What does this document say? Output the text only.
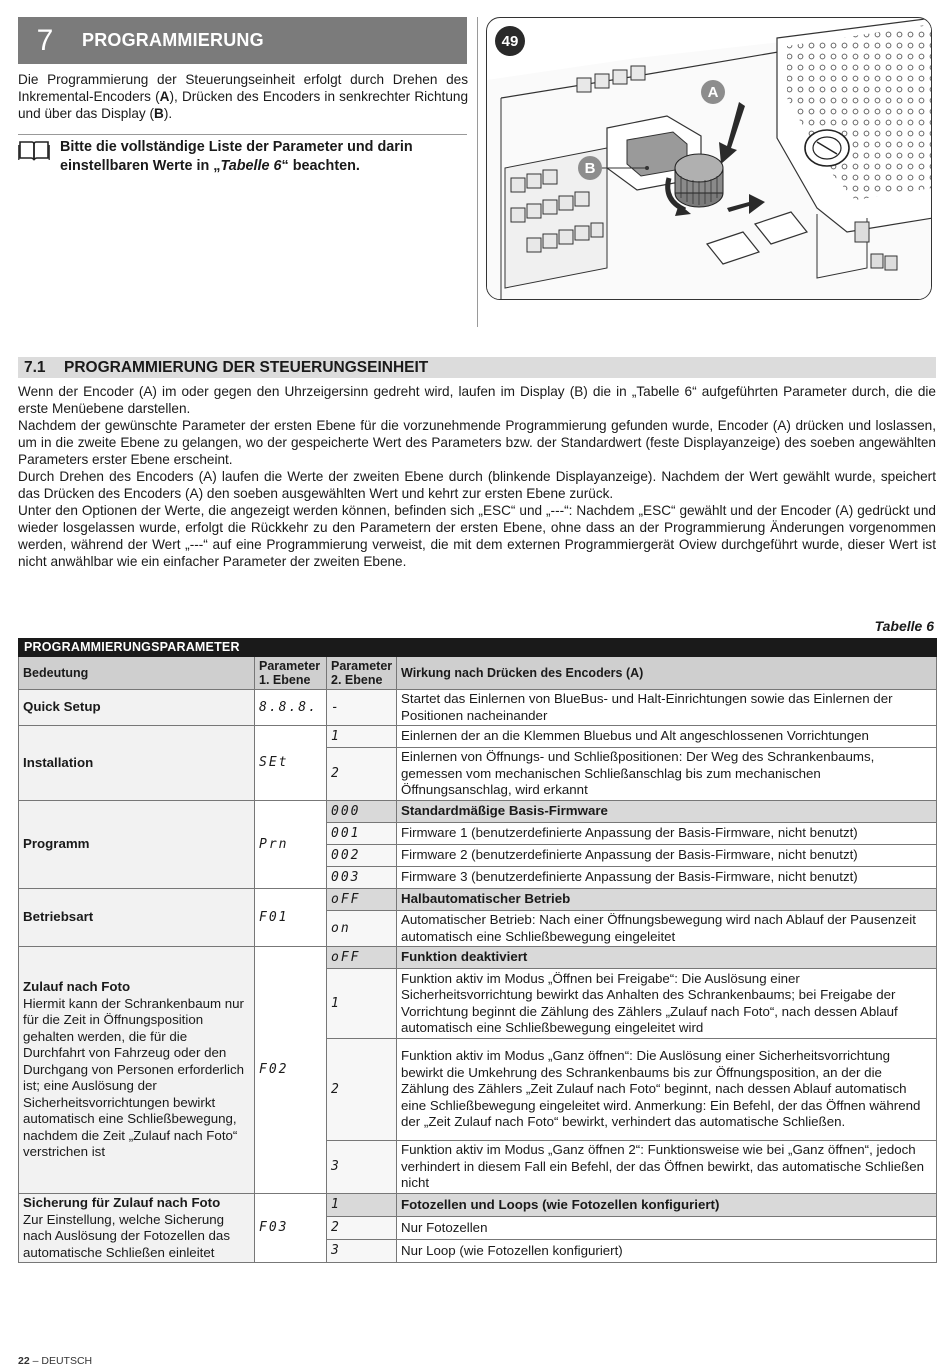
7	PROGRAMMIERUNG

Die Programmierung der Steuerungseinheit erfolgt durch Drehen des Inkremental-Encoders (A), Drücken des Encoders in senkrechter Richtung und über das Display (B).

Bitte die vollständige Liste der Parameter und darin einstellbaren Werte in „Tabelle 6“ beachten.

49
A
B
7.1	PROGRAMMIERUNG DER STEUERUNGSEINHEIT

Wenn der Encoder (A) im oder gegen den Uhrzeigersinn gedreht wird, laufen im Display (B) die in „Tabelle 6“ aufgeführten Parameter durch, die die erste Menüebene darstellen.

Nachdem der gewünschte Parameter der ersten Ebene für die vorzunehmende Programmierung gefunden wurde, Encoder (A) drücken und loslassen, um in die zweite Ebene zu gelangen, wo der gespeicherte Wert des Parameters bzw. der Standardwert (feste Displayanzeige) des soeben angewählten Parameters erster Ebene erscheint.

Durch Drehen des Encoders (A) laufen die Werte der zweiten Ebene durch (blinkende Displayanzeige). Nachdem der Wert gewählt wurde, speichert das Drücken des Encoders (A) den soeben ausgewählten Wert und kehrt zur ersten Ebene zurück.

Unter den Optionen der Werte, die angezeigt werden können, befinden sich „ESC“ und „---“: Nachdem „ESC“ gewählt und der Encoder (A) gedrückt und wieder losgelassen wurde, erfolgt die Rückkehr zu den Parametern der ersten Ebene, ohne dass an der Programmierung Änderungen vorgenommen werden, während der Wert „---“ auf eine Programmierung verweist, die mit dem externen Programmiergerät Oview durchgeführt wurde, dieser Wert ist nicht anwählbar wie ein einfacher Parameter der zweiten Ebene.

Tabelle 6
PROGRAMMIERUNGSPARAMETER			
Bedeutung	Parameter 1. Ebene	Parameter 2. Ebene	Wirkung nach Drücken des Encoders (A)
Quick Setup	8.8.8.	-	Startet das Einlernen von BlueBus- und Halt-Einrichtungen sowie das Einlernen der Positionen nacheinander
Installation	SEt	1	Einlernen der an die Klemmen Bluebus und Alt angeschlossenen Vorrichtungen
		2	Einlernen von Öffnungs- und Schließpositionen: Der Weg des Schrankenbaums, gemessen vom mechanischen Schließanschlag bis zum mechanischen Öffnungsanschlag, wird erkannt
Programm	Prn	000	Standardmäßige Basis-Firmware
		001	Firmware 1 (benutzerdefinierte Anpassung der Basis-Firmware, nicht benutzt)
		002	Firmware 2 (benutzerdefinierte Anpassung der Basis-Firmware, nicht benutzt)
		003	Firmware 3 (benutzerdefinierte Anpassung der Basis-Firmware, nicht benutzt)
Betriebsart	F01	oFF	Halbautomatischer Betrieb
		on	Automatischer Betrieb: Nach einer Öffnungsbewegung wird nach Ablauf der Pausenzeit automatisch eine Schließbewegung eingeleitet
Zulauf nach Foto
Hiermit kann der Schrankenbaum nur für die Zeit in Öffnungsposition gehalten werden, die für die Durchfahrt von Fahrzeug oder den Durchgang von Personen erforderlich ist; eine Auslösung der Sicherheitsvorrichtungen bewirkt automatisch eine Schließbewegung, nachdem die Zeit „Zulauf nach Foto“ verstrichen ist	F02	oFF	Funktion deaktiviert
		1	Funktion aktiv im Modus „Öffnen bei Freigabe“: Die Auslösung einer Sicherheitsvorrichtung bewirkt das Anhalten des Schrankenbaums; bei Freigabe der Vorrichtung beginnt die Zählung des Zählers „Zulauf nach Foto“, nach dessen Ablauf automatisch eine Schließbewegung eingeleitet wird
		2	Funktion aktiv im Modus „Ganz öffnen“: Die Auslösung einer Sicherheitsvorrichtung bewirkt die Umkehrung des Schrankenbaums bis zur Öffnungsposition, an der die Zählung des Zählers „Zeit Zulauf nach Foto“ beginnt, nach dessen Ablauf automatisch eine Schließbewegung eingeleitet wird. Anmerkung: Ein Befehl, der das Öffnen während der „Zeit Zulauf nach Foto“ bewirkt, verhindert das automatische Schließen.
		3	Funktion aktiv im Modus „Ganz öffnen 2“: Funktionsweise wie bei „Ganz öffnen“, jedoch verhindert in diesem Fall ein Befehl, der das Öffnen bewirkt, das automatische Schließen nicht
Sicherung für Zulauf nach Foto
Zur Einstellung, welche Sicherung nach Auslösung der Fotozellen das automatische Schließen einleitet	F03	1	Fotozellen und Loops (wie Fotozellen konfiguriert)
		2	Nur Fotozellen
		3	Nur Loop (wie Fotozellen konfiguriert)
22 – DEUTSCH
